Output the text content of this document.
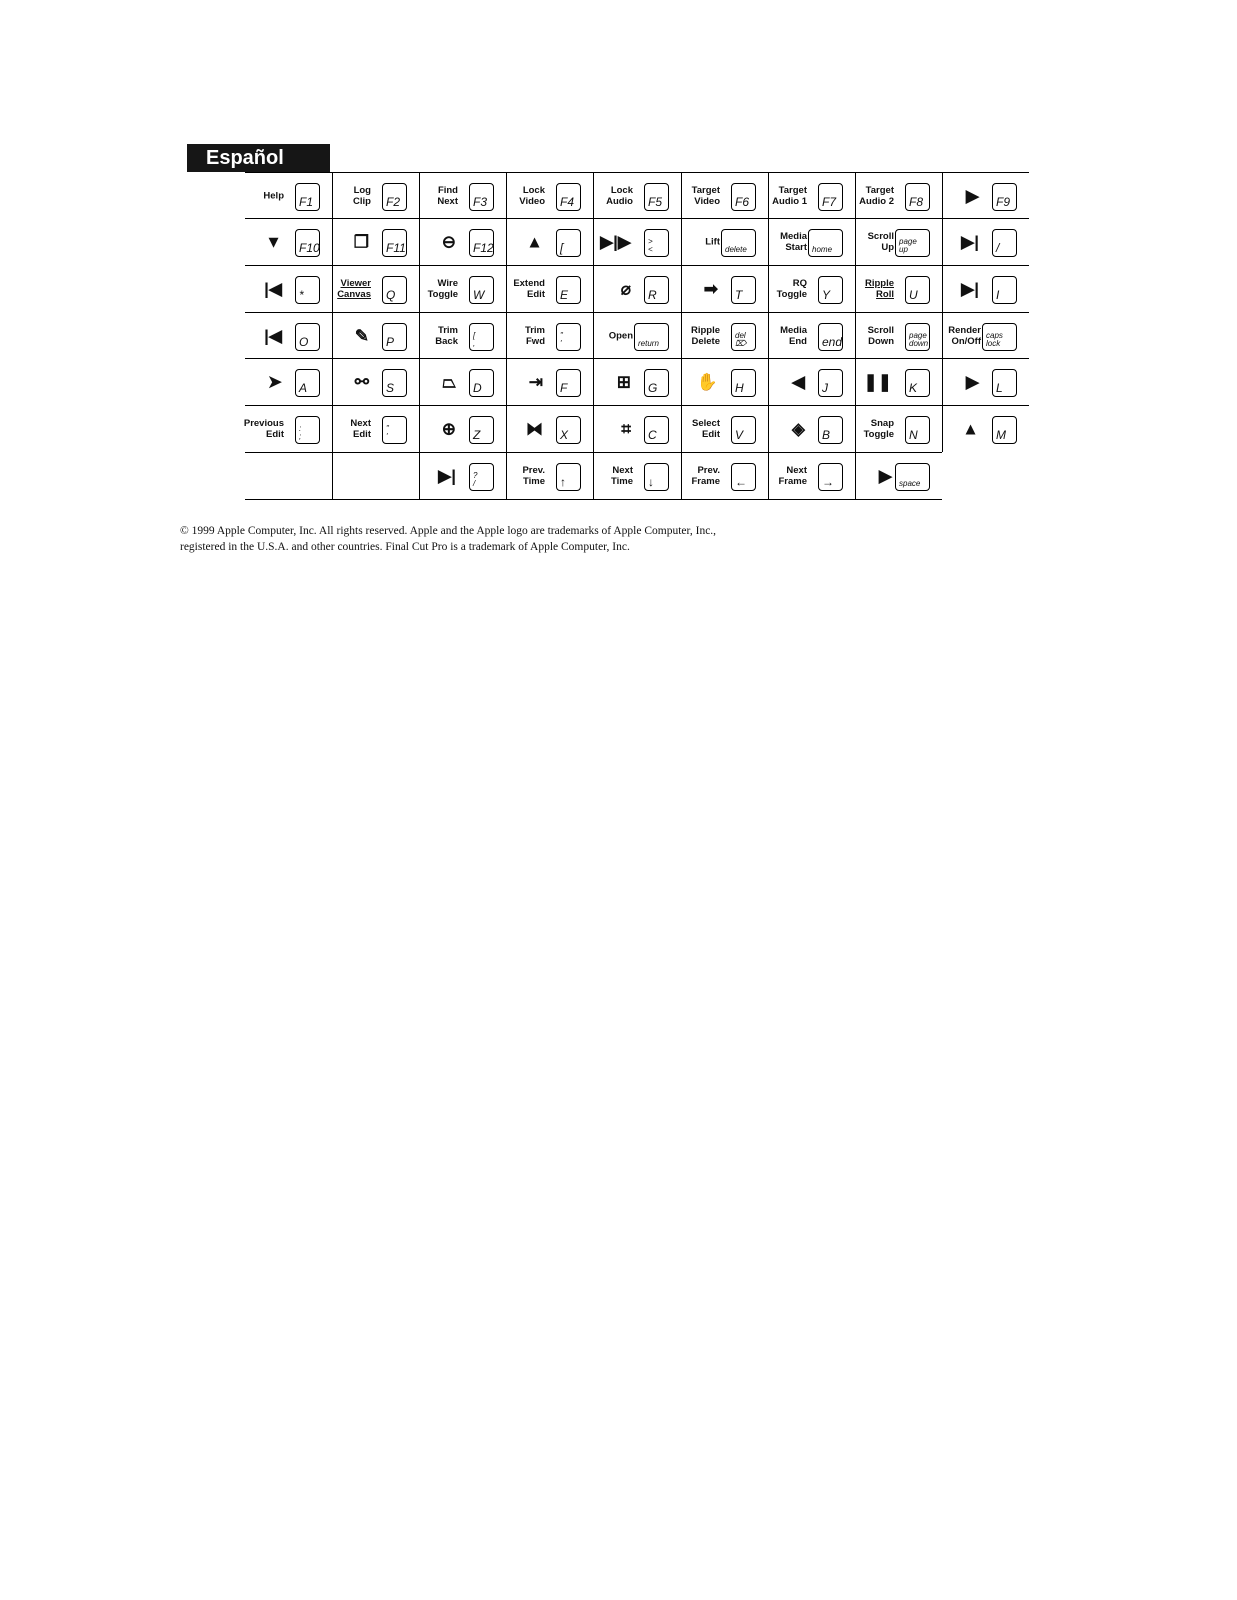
Español
Help F1
Log
Clip F2
Find
Next F3
Lock
Video F4
Lock
Audio F5
Target
Video F6
Target
Audio 1 F7
Target
Audio 2 F8	▶ F9
▼ F10 ❐ F11 ⊖ F12 ▲ [ ▶|▶ >
<
Lift
delete
Media
Start home
Scroll
Up
page
up	▶| /
|◀ *
Viewer
Canvas Q
Wire
Toggle W
Extend
Edit E	⌀ R	➡ T
RQ
Toggle Y
Ripple
Roll U	▶| I
|◀ O	✎ P
Trim
Back
[
,
Trim
Fwd
"
'
Open
return
Ripple
Delete
del
⌦
Media
End end
Scroll
Down
page
down
Render
On/Off
caps
lock
➤ A	⚯ S	⏢ D	⇥ F	⊞ G ✋ H	◀ J ❚❚ K	▶ L
Previous
Edit
:
;
Next
Edit
"
'	⊕ Z	⧓ X	⌗ C
Select
Edit V	◈ B
Snap
Toggle N	▲ M
▶| ?
/
Prev.
Time ↑
Next
Time ↓
Prev.
Frame ←
Next
Frame →	▶ space
© 1999 Apple Computer, Inc. All rights reserved. Apple and the Apple logo are trademarks of Apple Computer, Inc.,
registered in the U.S.A. and other countries. Final Cut Pro is a trademark of Apple Computer, Inc.
